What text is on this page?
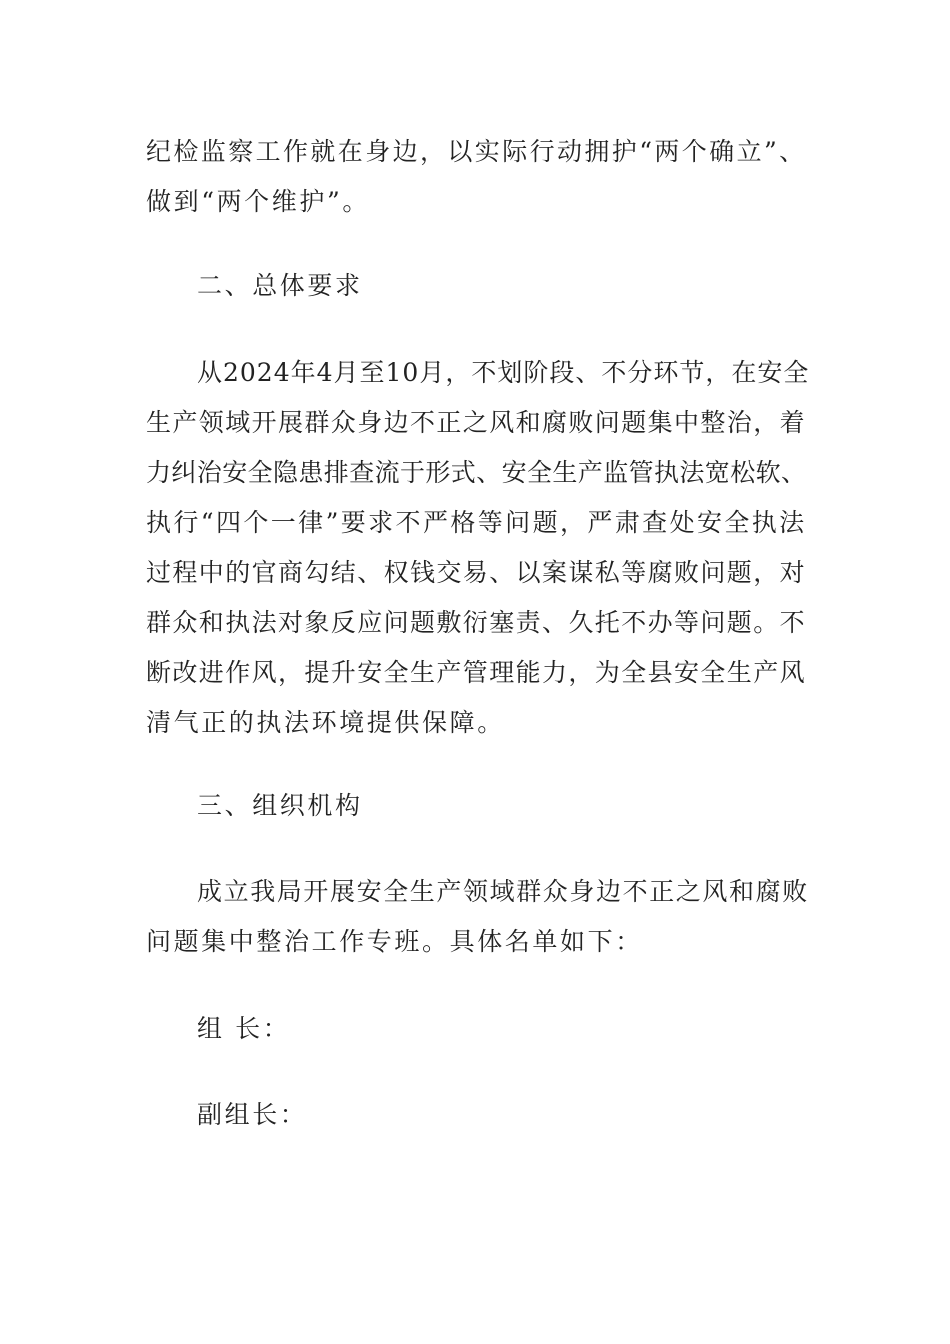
纪检监察工作就在身边，以实际行动拥护“两个确立”、
做到“两个维护”。
二、总体要求
从2024年4月至10月，不划阶段、不分环节，在安全
生产领域开展群众身边不正之风和腐败问题集中整治，着
力纠治安全隐患排查流于形式、安全生产监管执法宽松软、
执行“四个一律”要求不严格等问题，严肃查处安全执法
过程中的官商勾结、权钱交易、以案谋私等腐败问题，对
群众和执法对象反应问题敷衍塞责、久托不办等问题。不
断改进作风，提升安全生产管理能力，为全县安全生产风
清气正的执法环境提供保障。
三、组织机构
成立我局开展安全生产领域群众身边不正之风和腐败
问题集中整治工作专班。具体名单如下：
组 长：
副组长：
